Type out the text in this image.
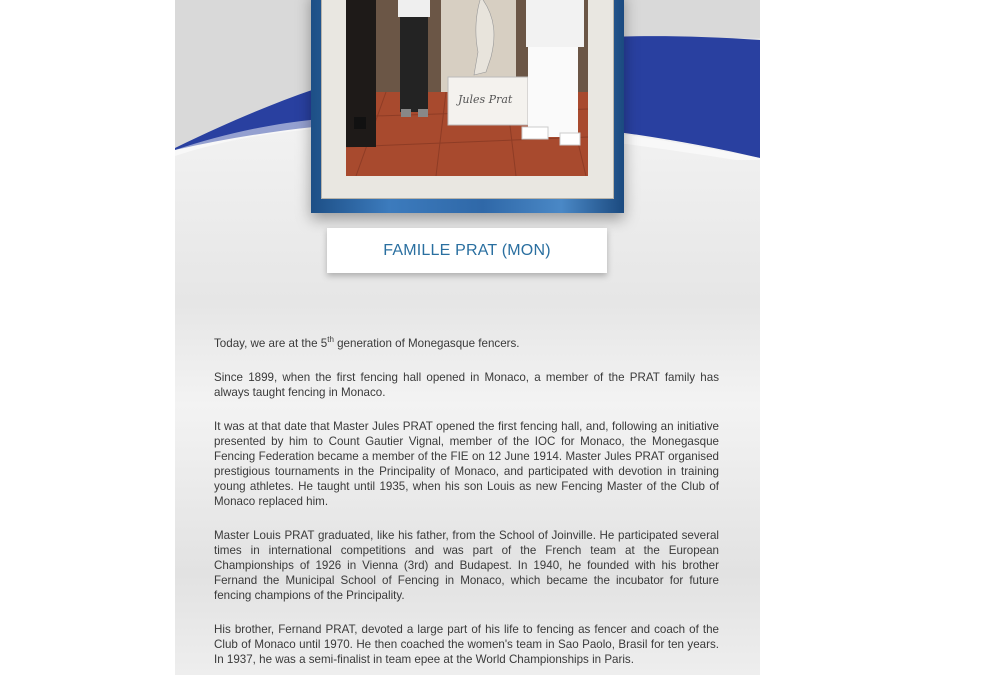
Jules Prat
FAMILLE PRAT (MON)

Today, we are at the 5th generation of Monegasque fencers.

Since 1899, when the first fencing hall opened in Monaco, a member of the PRAT family has always taught fencing in Monaco.

It was at that date that Master Jules PRAT opened the first fencing hall, and, following an initiative presented by him to Count Gautier Vignal, member of the IOC for Monaco, the Monegasque Fencing Federation became a member of the FIE on 12 June 1914. Master Jules PRAT organised prestigious tournaments in the Principality of Monaco, and participated with devotion in training young athletes. He taught until 1935, when his son Louis as new Fencing Master of the Club of Monaco replaced him.

Master Louis PRAT graduated, like his father, from the School of Joinville. He participated several times in international competitions and was part of the French team at the European Championships of 1926 in Vienna (3rd) and Budapest. In 1940, he founded with his brother Fernand the Municipal School of Fencing in Monaco, which became the incubator for future fencing champions of the Principality.

His brother, Fernand PRAT, devoted a large part of his life to fencing as fencer and coach of the Club of Monaco until 1970. He then coached the women's team in Sao Paolo, Brasil for ten years. In 1937, he was a semi-finalist in team epee at the World Championships in Paris.
